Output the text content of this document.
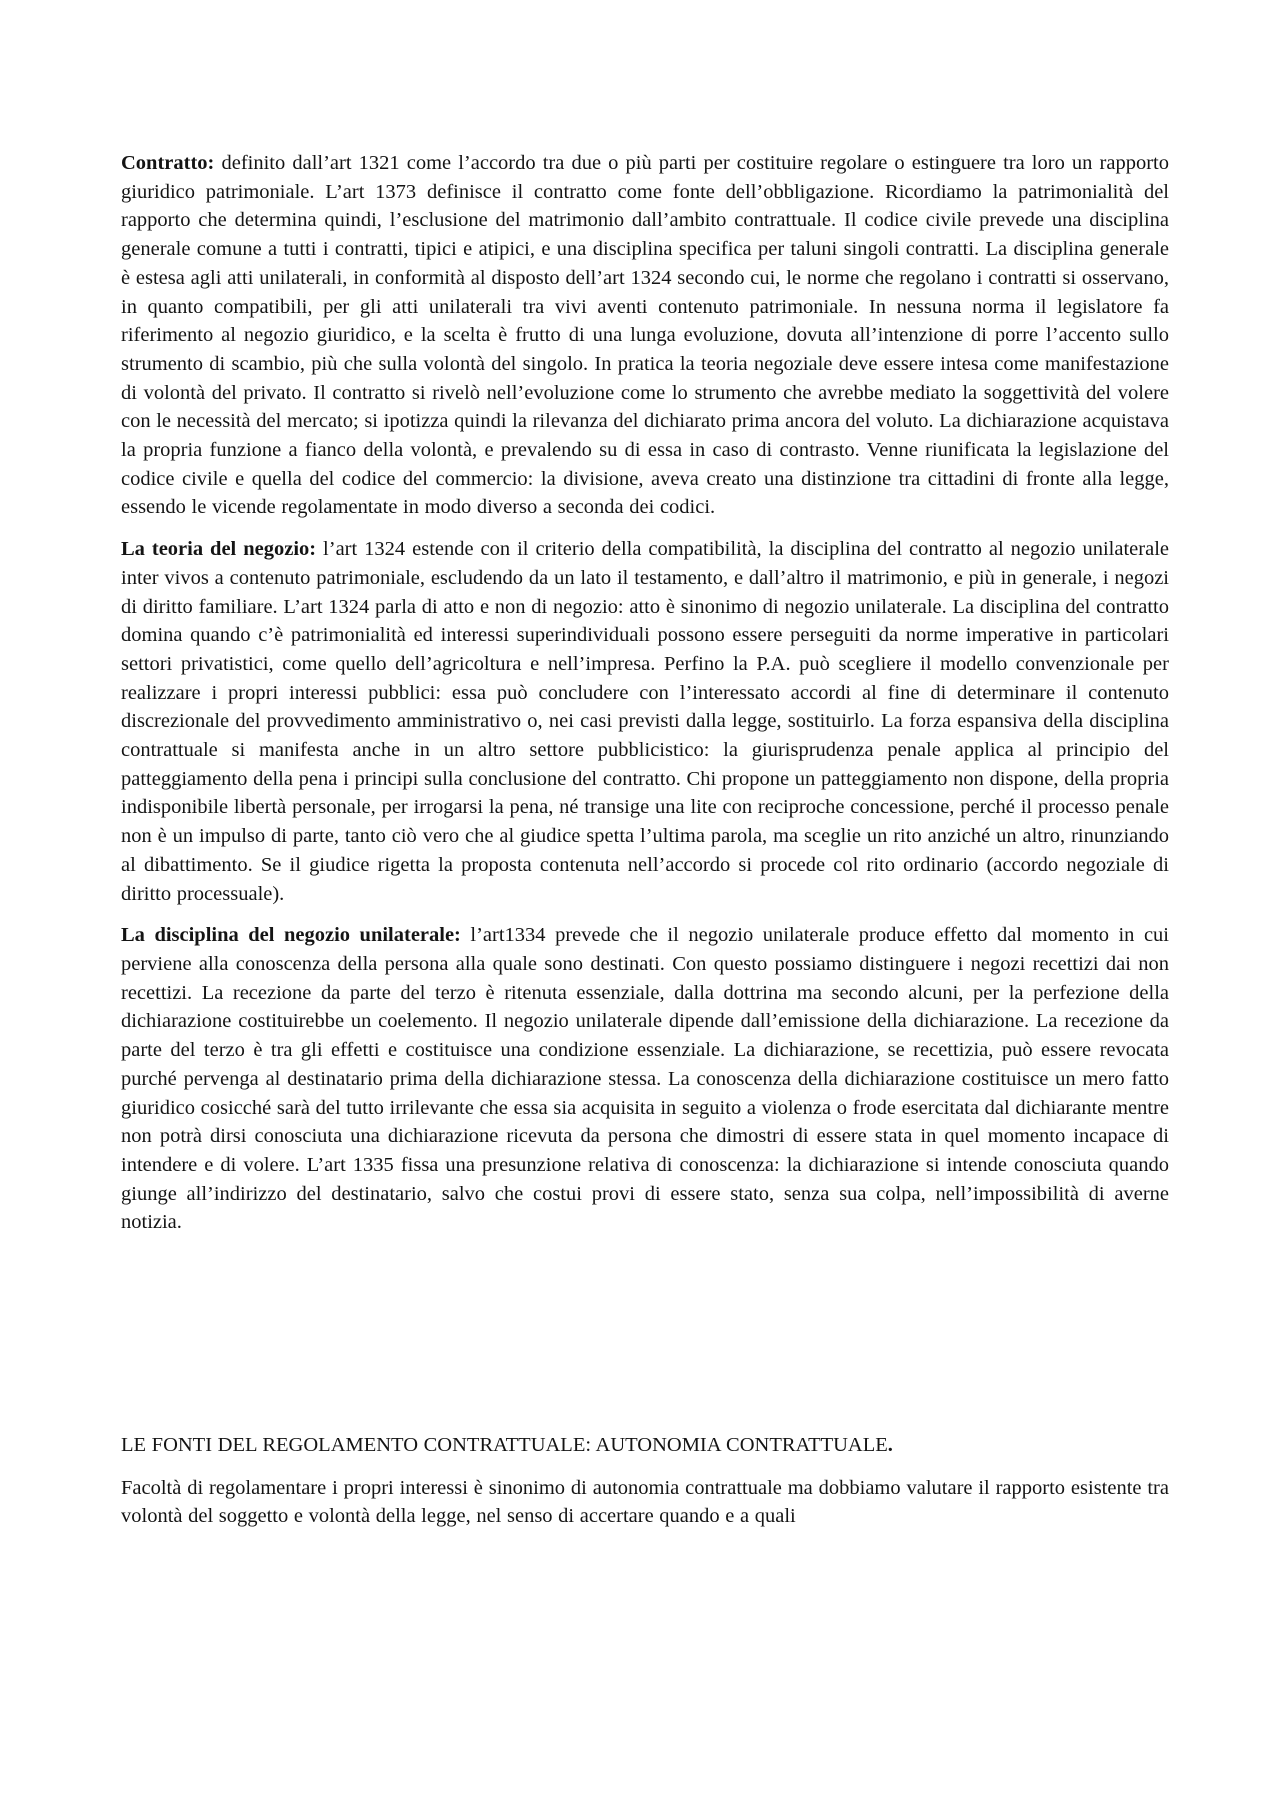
Contratto: definito dall’art 1321 come l’accordo tra due o più parti per costituire regolare o estinguere tra loro un rapporto giuridico patrimoniale. L’art 1373 definisce il contratto come fonte dell’obbligazione. Ricordiamo la patrimonialità del rapporto che determina quindi, l’esclusione del matrimonio dall’ambito contrattuale. Il codice civile prevede una disciplina generale comune a tutti i contratti, tipici e atipici, e una disciplina specifica per taluni singoli contratti. La disciplina generale è estesa agli atti unilaterali, in conformità al disposto dell’art 1324 secondo cui, le norme che regolano i contratti si osservano, in quanto compatibili, per gli atti unilaterali tra vivi aventi contenuto patrimoniale. In nessuna norma il legislatore fa riferimento al negozio giuridico, e la scelta è frutto di una lunga evoluzione, dovuta all’intenzione di porre l’accento sullo strumento di scambio, più che sulla volontà del singolo. In pratica la teoria negoziale deve essere intesa come manifestazione di volontà del privato. Il contratto si rivelò nell’evoluzione come lo strumento che avrebbe mediato la soggettività del volere con le necessità del mercato; si ipotizza quindi la rilevanza del dichiarato prima ancora del voluto. La dichiarazione acquistava la propria funzione a fianco della volontà, e prevalendo su di essa in caso di contrasto. Venne riunificata la legislazione del codice civile e quella del codice del commercio: la divisione, aveva creato una distinzione tra cittadini di fronte alla legge, essendo le vicende regolamentate in modo diverso a seconda dei codici.

La teoria del negozio: l’art 1324 estende con il criterio della compatibilità, la disciplina del contratto al negozio unilaterale inter vivos a contenuto patrimoniale, escludendo da un lato il testamento, e dall’altro il matrimonio, e più in generale, i negozi di diritto familiare. L’art 1324 parla di atto e non di negozio: atto è sinonimo di negozio unilaterale. La disciplina del contratto domina quando c’è patrimonialità ed interessi superindividuali possono essere perseguiti da norme imperative in particolari settori privatistici, come quello dell’agricoltura e nell’impresa. Perfino la P.A. può scegliere il modello convenzionale per realizzare i propri interessi pubblici: essa può concludere con l’interessato accordi al fine di determinare il contenuto discrezionale del provvedimento amministrativo o, nei casi previsti dalla legge, sostituirlo. La forza espansiva della disciplina contrattuale si manifesta anche in un altro settore pubblicistico: la giurisprudenza penale applica al principio del patteggiamento della pena i principi sulla conclusione del contratto. Chi propone un patteggiamento non dispone, della propria indisponibile libertà personale, per irrogarsi la pena, né transige una lite con reciproche concessione, perché il processo penale non è un impulso di parte, tanto ciò vero che al giudice spetta l’ultima parola, ma sceglie un rito anziché un altro, rinunziando al dibattimento. Se il giudice rigetta la proposta contenuta nell’accordo si procede col rito ordinario (accordo negoziale di diritto processuale).

La disciplina del negozio unilaterale: l’art1334 prevede che il negozio unilaterale produce effetto dal momento in cui perviene alla conoscenza della persona alla quale sono destinati. Con questo possiamo distinguere i negozi recettizi dai non recettizi. La recezione da parte del terzo è ritenuta essenziale, dalla dottrina ma secondo alcuni, per la perfezione della dichiarazione costituirebbe un coelemento. Il negozio unilaterale dipende dall’emissione della dichiarazione. La recezione da parte del terzo è tra gli effetti e costituisce una condizione essenziale. La dichiarazione, se recettizia, può essere revocata purché pervenga al destinatario prima della dichiarazione stessa. La conoscenza della dichiarazione costituisce un mero fatto giuridico cosicché sarà del tutto irrilevante che essa sia acquisita in seguito a violenza o frode esercitata dal dichiarante mentre non potrà dirsi conosciuta una dichiarazione ricevuta da persona che dimostri di essere stata in quel momento incapace di intendere e di volere. L’art 1335 fissa una presunzione relativa di conoscenza: la dichiarazione si intende conosciuta quando giunge all’indirizzo del destinatario, salvo che costui provi di essere stato, senza sua colpa, nell’impossibilità di averne notizia.

LE FONTI DEL REGOLAMENTO CONTRATTUALE: AUTONOMIA CONTRATTUALE.

Facoltà di regolamentare i propri interessi è sinonimo di autonomia contrattuale ma dobbiamo valutare il rapporto esistente tra volontà del soggetto e volontà della legge, nel senso di accertare quando e a quali
